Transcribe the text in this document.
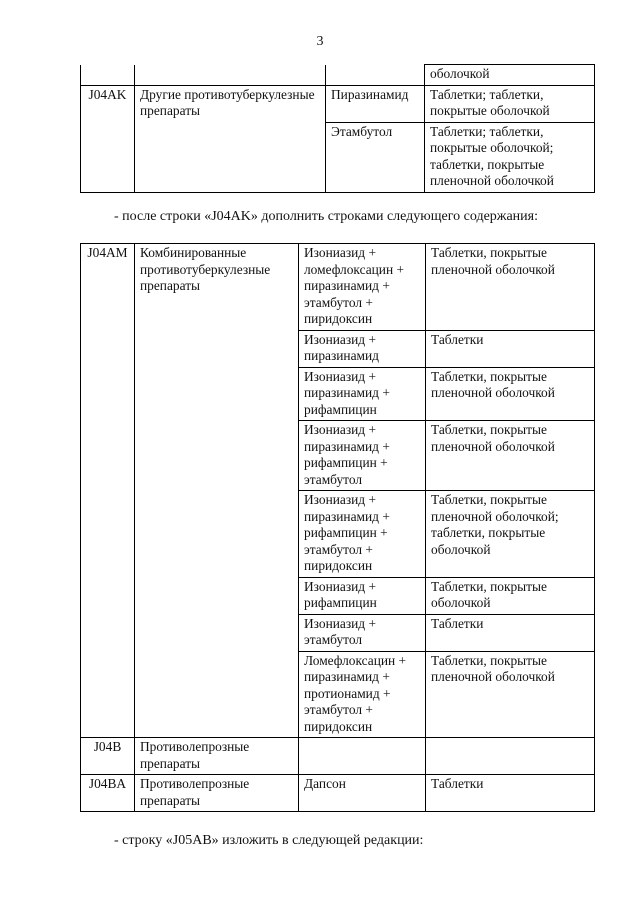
3
			оболочкой
J04AK	Другие противотуберкулезные препараты	Пиразинамид	Таблетки; таблетки, покрытые оболочкой
		Этамбутол	Таблетки; таблетки, покрытые оболочкой; таблетки, покрытые пленочной оболочкой
- после строки «J04AK» дополнить строками следующего содержания:
J04AM	Комбинированные противотуберкулезные препараты	Изониазид + ломефлоксацин + пиразинамид + этамбутол + пиридоксин	Таблетки, покрытые пленочной оболочкой
		Изониазид + пиразинамид	Таблетки
		Изониазид + пиразинамид + рифампицин	Таблетки, покрытые пленочной оболочкой
		Изониазид + пиразинамид + рифампицин + этамбутол	Таблетки, покрытые пленочной оболочкой
		Изониазид + пиразинамид + рифампицин + этамбутол + пиридоксин	Таблетки, покрытые пленочной оболочкой; таблетки, покрытые оболочкой
		Изониазид + рифампицин	Таблетки, покрытые оболочкой
		Изониазид + этамбутол	Таблетки
		Ломефлоксацин + пиразинамид + протионамид + этамбутол + пиридоксин	Таблетки, покрытые пленочной оболочкой
J04B	Противолепрозные препараты		
J04BA	Противолепрозные препараты	Дапсон	Таблетки
- строку «J05AB» изложить в следующей редакции:
